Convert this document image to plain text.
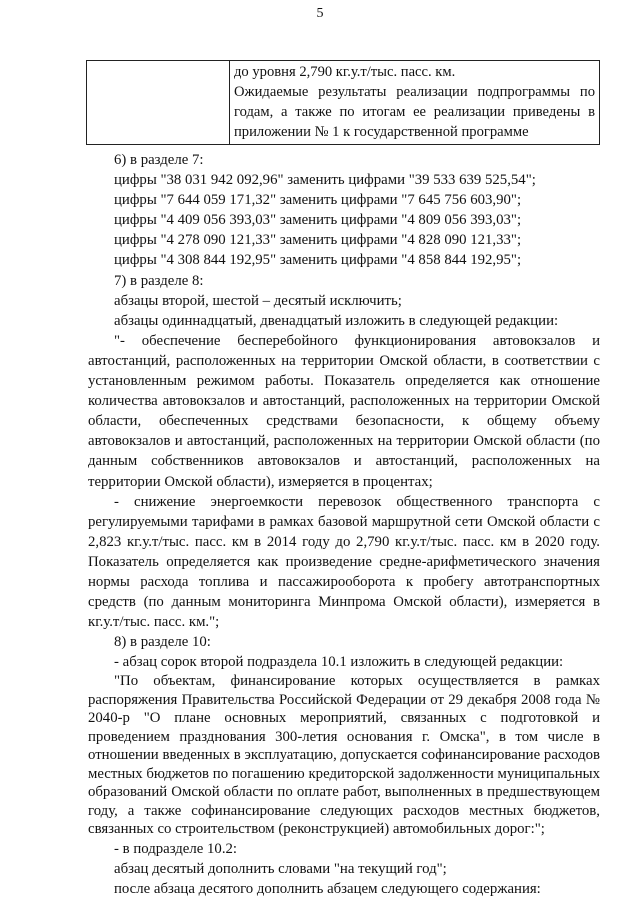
5

до уровня 2,790 кг.у.т/тыс. пасс. км.

Ожидаемые результаты реализации подпрограммы по годам, а также по итогам ее реализации приведены в приложении № 1 к государственной программе

6) в разделе 7:

цифры "38 031 942 092,96" заменить цифрами "39 533 639 525,54";

цифры "7 644 059 171,32" заменить цифрами "7 645 756 603,90";

цифры "4 409 056 393,03" заменить цифрами "4 809 056 393,03";

цифры "4 278 090 121,33" заменить цифрами "4 828 090 121,33";

цифры "4 308 844 192,95" заменить цифрами "4 858 844 192,95";

7) в разделе 8:

абзацы второй, шестой – десятый исключить;

абзацы одиннадцатый, двенадцатый изложить в следующей редакции:

"- обеспечение бесперебойного функционирования автовокзалов и автостанций, расположенных на территории Омской области, в соответствии с установленным режимом работы. Показатель определяется как отношение количества автовокзалов и автостанций, расположенных на территории Омской области, обеспеченных средствами безопасности, к общему объему автовокзалов и автостанций, расположенных на территории Омской области (по данным собственников автовокзалов и автостанций, расположенных на территории Омской области), измеряется в процентах;

- снижение энергоемкости перевозок общественного транспорта с регулируемыми тарифами в рамках базовой маршрутной сети Омской области с 2,823 кг.у.т/тыс. пасс. км в 2014 году до 2,790 кг.у.т/тыс. пасс. км в 2020 году. Показатель определяется как произведение средне-арифметического значения нормы расхода топлива и пассажирооборота к пробегу автотранспортных средств (по данным мониторинга Минпрома Омской области), измеряется в кг.у.т/тыс. пасс. км.";

8) в разделе 10:

- абзац сорок второй подраздела 10.1 изложить в следующей редакции:

"По объектам, финансирование которых осуществляется в рамках распоряжения Правительства Российской Федерации от 29 декабря 2008 года № 2040-р "О плане основных мероприятий, связанных с подготовкой и проведением празднования 300-летия основания г. Омска", в том числе в отношении введенных в эксплуатацию, допускается софинансирование расходов местных бюджетов по погашению кредиторской задолженности муниципальных образований Омской области по оплате работ, выполненных в предшествующем году, а также софинансирование следующих расходов местных бюджетов, связанных со строительством (реконструкцией) автомобильных дорог:";

- в подразделе 10.2:

абзац десятый дополнить словами "на текущий год";

после абзаца десятого дополнить абзацем следующего содержания:
